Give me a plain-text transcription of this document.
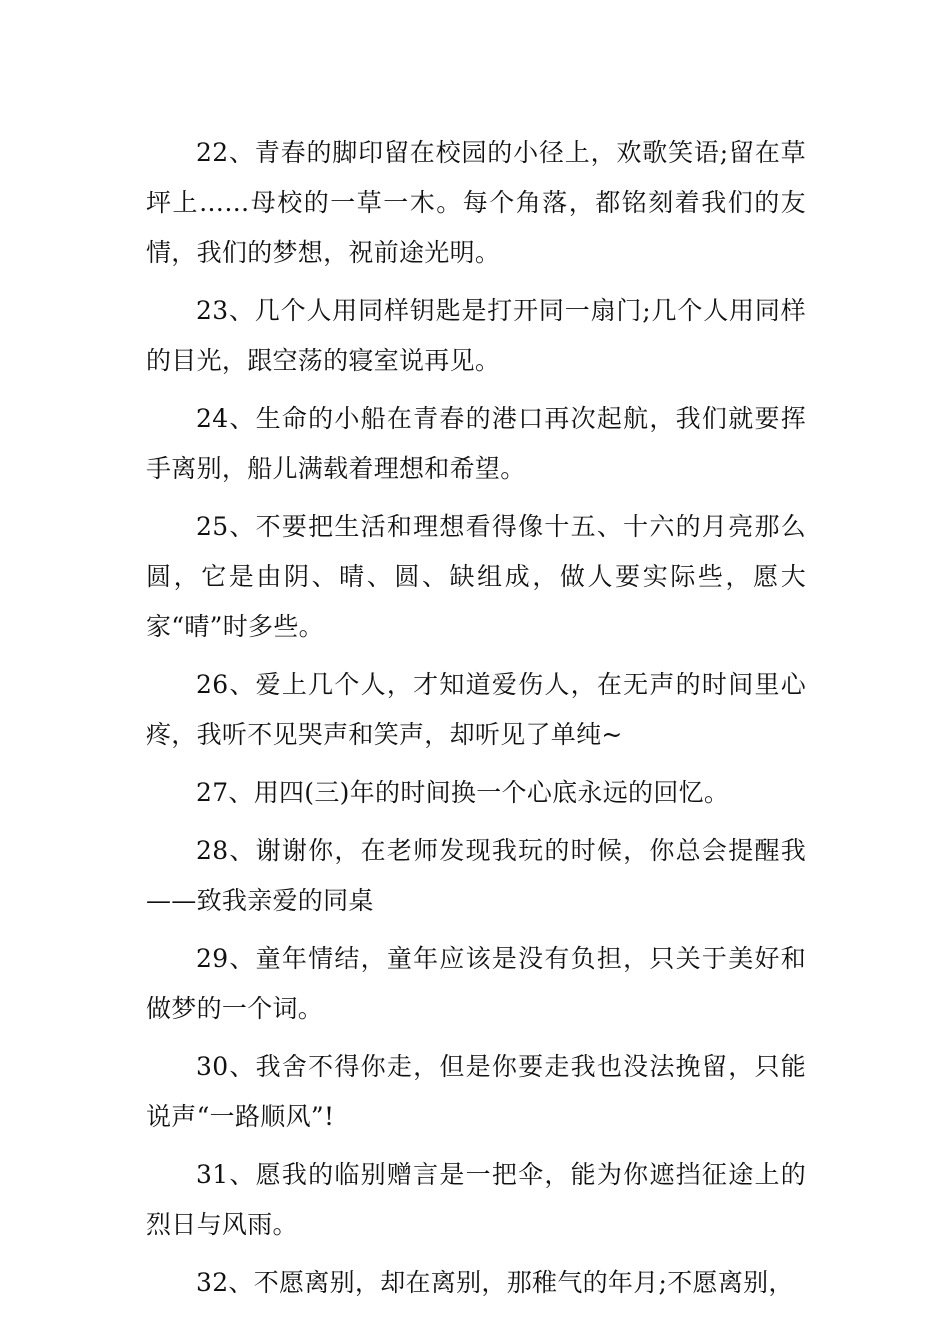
22、青春的脚印留在校园的小径上，欢歌笑语;留在草坪上……母校的一草一木。每个角落，都铭刻着我们的友情，我们的梦想，祝前途光明。

23、几个人用同样钥匙是打开同一扇门;几个人用同样的目光，跟空荡的寝室说再见。

24、生命的小船在青春的港口再次起航，我们就要挥手离别，船儿满载着理想和希望。

25、不要把生活和理想看得像十五、十六的月亮那么圆，它是由阴、晴、圆、缺组成，做人要实际些，愿大家“晴”时多些。

26、爱上几个人，才知道爱伤人，在无声的时间里心疼，我听不见哭声和笑声，却听见了单纯~

27、用四(三)年的时间换一个心底永远的回忆。

28、谢谢你，在老师发现我玩的时候，你总会提醒我——致我亲爱的同桌

29、童年情结，童年应该是没有负担，只关于美好和做梦的一个词。

30、我舍不得你走，但是你要走我也没法挽留，只能说声“一路顺风”!

31、愿我的临别赠言是一把伞，能为你遮挡征途上的烈日与风雨。

32、不愿离别，却在离别，那稚气的年月;不愿离别，
